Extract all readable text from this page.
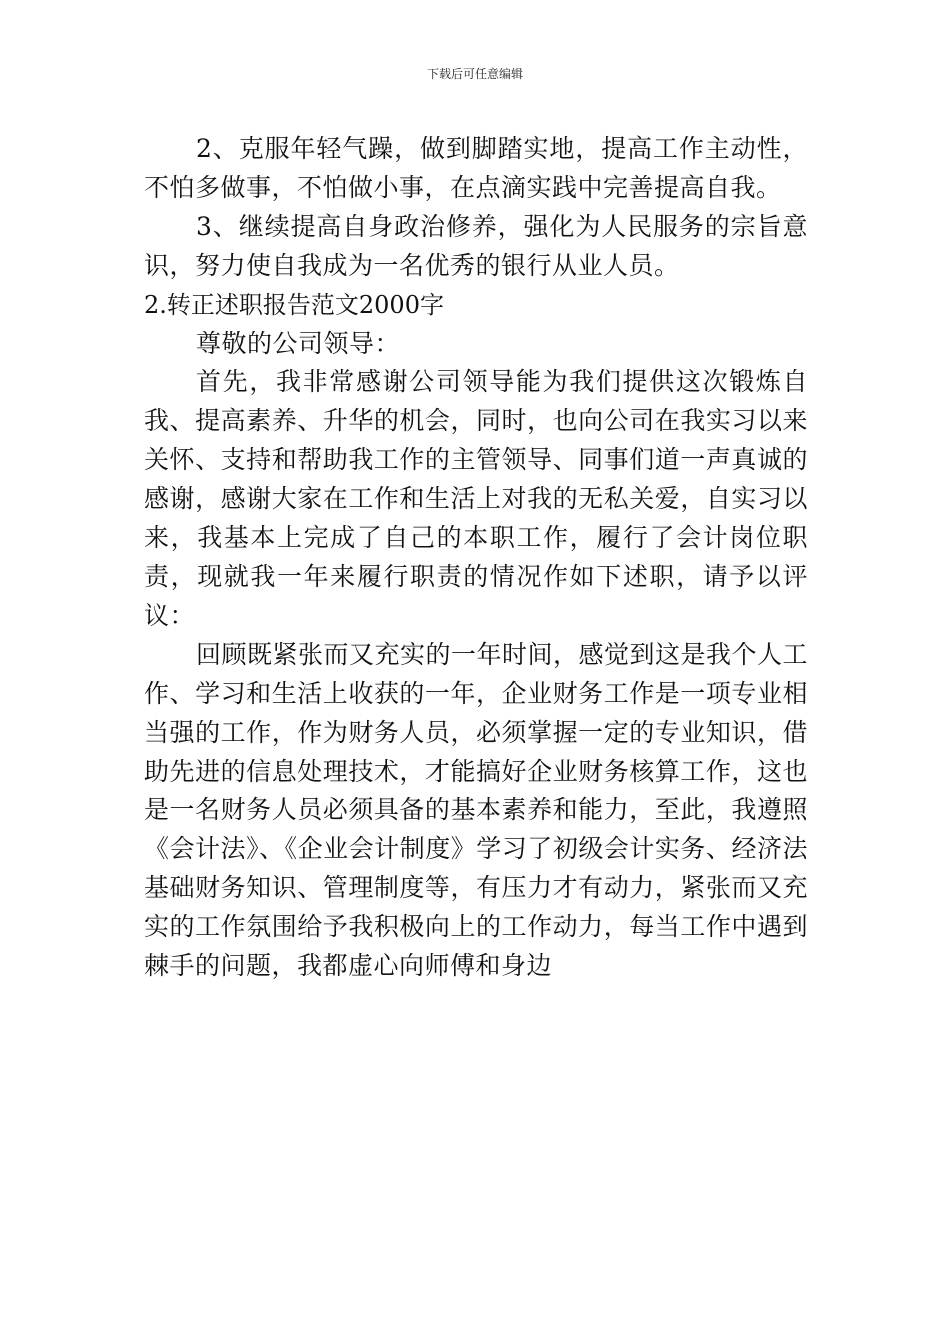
下载后可任意编辑

2、克服年轻气躁，做到脚踏实地，提高工作主动性，不怕多做事，不怕做小事，在点滴实践中完善提高自我。

3、继续提高自身政治修养，强化为人民服务的宗旨意识，努力使自我成为一名优秀的银行从业人员。

2.转正述职报告范文2000字

尊敬的公司领导：

首先，我非常感谢公司领导能为我们提供这次锻炼自我、提高素养、升华的机会，同时，也向公司在我实习以来关怀、支持和帮助我工作的主管领导、同事们道一声真诚的感谢，感谢大家在工作和生活上对我的无私关爱，自实习以来，我基本上完成了自己的本职工作，履行了会计岗位职责，现就我一年来履行职责的情况作如下述职，请予以评议：

回顾既紧张而又充实的一年时间，感觉到这是我个人工作、学习和生活上收获的一年，企业财务工作是一项专业相当强的工作，作为财务人员，必须掌握一定的专业知识，借助先进的信息处理技术，才能搞好企业财务核算工作，这也是一名财务人员必须具备的基本素养和能力，至此，我遵照《会计法》、《企业会计制度》学习了初级会计实务、经济法基础财务知识、管理制度等，有压力才有动力，紧张而又充实的工作氛围给予我积极向上的工作动力，每当工作中遇到棘手的问题，我都虚心向师傅和身边
